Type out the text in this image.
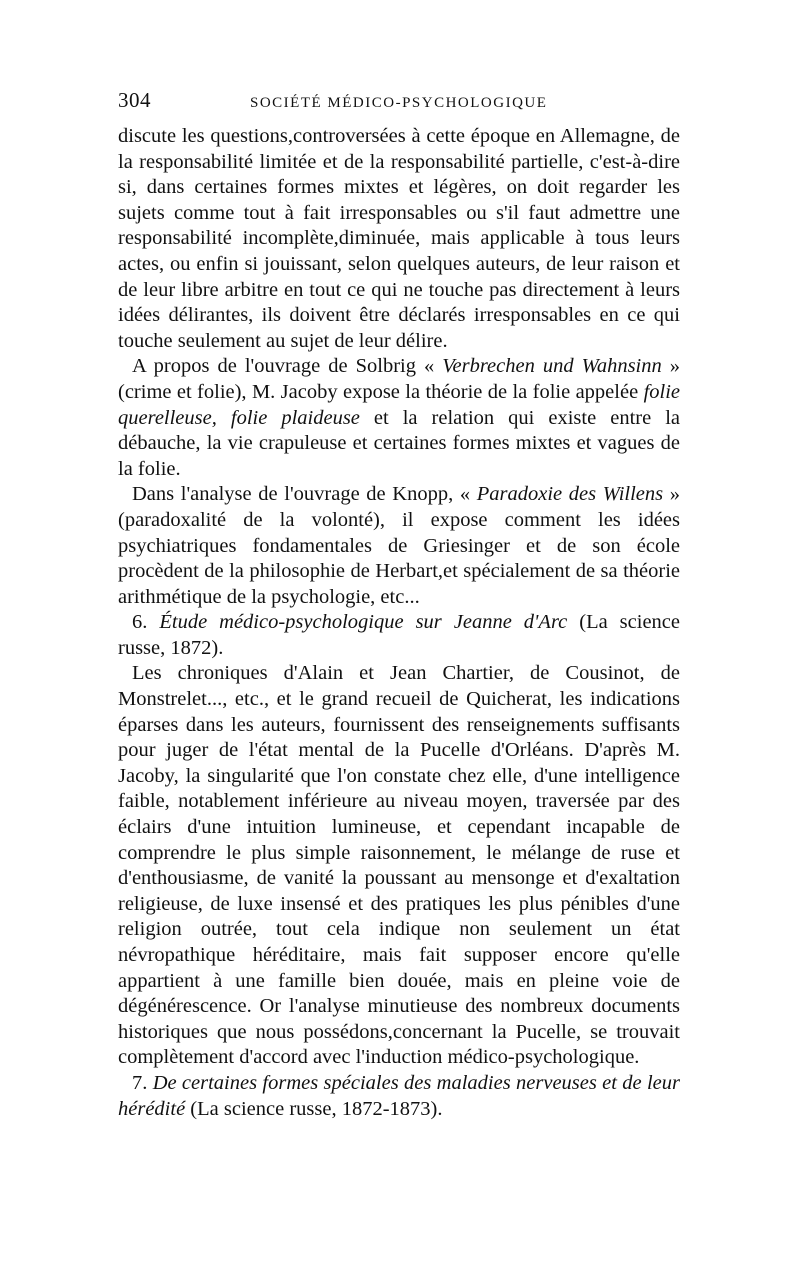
304	SOCIÉTÉ MÉDICO-PSYCHOLOGIQUE

discute les questions,controversées à cette époque en Allemagne, de la responsabilité limitée et de la responsabilité partielle, c'est-à-dire si, dans certaines formes mixtes et légères, on doit regarder les sujets comme tout à fait irresponsables ou s'il faut admettre une responsabilité incomplète,diminuée, mais applicable à tous leurs actes, ou enfin si jouissant, selon quelques auteurs, de leur raison et de leur libre arbitre en tout ce qui ne touche pas directement à leurs idées délirantes, ils doivent être déclarés irresponsables en ce qui touche seulement au sujet de leur délire.

A propos de l'ouvrage de Solbrig « Verbrechen und Wahnsinn » (crime et folie), M. Jacoby expose la théorie de la folie appelée folie querelleuse, folie plaideuse et la relation qui existe entre la débauche, la vie crapuleuse et certaines formes mixtes et vagues de la folie.

Dans l'analyse de l'ouvrage de Knopp, « Paradoxie des Willens » (paradoxalité de la volonté), il expose comment les idées psychiatriques fondamentales de Griesinger et de son école procèdent de la philosophie de Herbart,et spécialement de sa théorie arithmétique de la psychologie, etc...

6. Étude médico-psychologique sur Jeanne d'Arc (La science russe, 1872).

Les chroniques d'Alain et Jean Chartier, de Cousinot, de Monstrelet..., etc., et le grand recueil de Quicherat, les indications éparses dans les auteurs, fournissent des renseignements suffisants pour juger de l'état mental de la Pucelle d'Orléans. D'après M. Jacoby, la singularité que l'on constate chez elle, d'une intelligence faible, notablement inférieure au niveau moyen, traversée par des éclairs d'une intuition lumineuse, et cependant incapable de comprendre le plus simple raisonnement, le mélange de ruse et d'enthousiasme, de vanité la poussant au mensonge et d'exaltation religieuse, de luxe insensé et des pratiques les plus pénibles d'une religion outrée, tout cela indique non seulement un état névropathique héréditaire, mais fait supposer encore qu'elle appartient à une famille bien douée, mais en pleine voie de dégénérescence. Or l'analyse minutieuse des nombreux documents historiques que nous possédons,concernant la Pucelle, se trouvait complètement d'accord avec l'induction médico-psychologique.

7. De certaines formes spéciales des maladies nerveuses et de leur hérédité (La science russe, 1872-1873).
